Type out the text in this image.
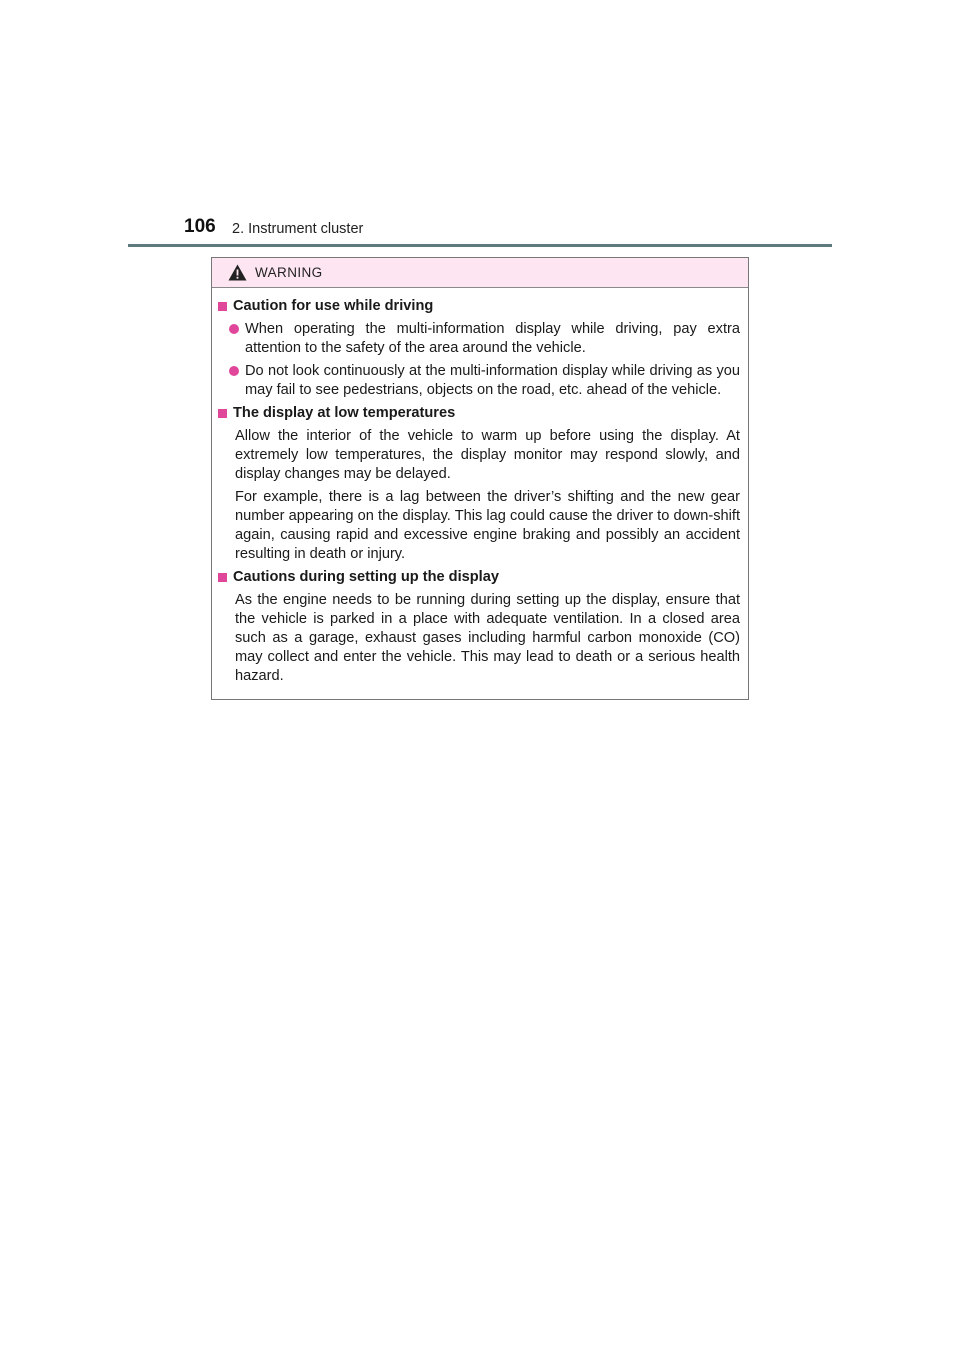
106 2. Instrument cluster
WARNING
Caution for use while driving
When operating the multi-information display while driving, pay extra attention to the safety of the area around the vehicle.
Do not look continuously at the multi-information display while driving as you may fail to see pedestrians, objects on the road, etc. ahead of the vehicle.
The display at low temperatures
Allow the interior of the vehicle to warm up before using the display. At extremely low temperatures, the display monitor may respond slowly, and display changes may be delayed.
For example, there is a lag between the driver’s shifting and the new gear number appearing on the display. This lag could cause the driver to down-shift again, causing rapid and excessive engine braking and possibly an accident resulting in death or injury.
Cautions during setting up the display
As the engine needs to be running during setting up the display, ensure that the vehicle is parked in a place with adequate ventilation. In a closed area such as a garage, exhaust gases including harmful carbon monoxide (CO) may collect and enter the vehicle. This may lead to death or a serious health hazard.
